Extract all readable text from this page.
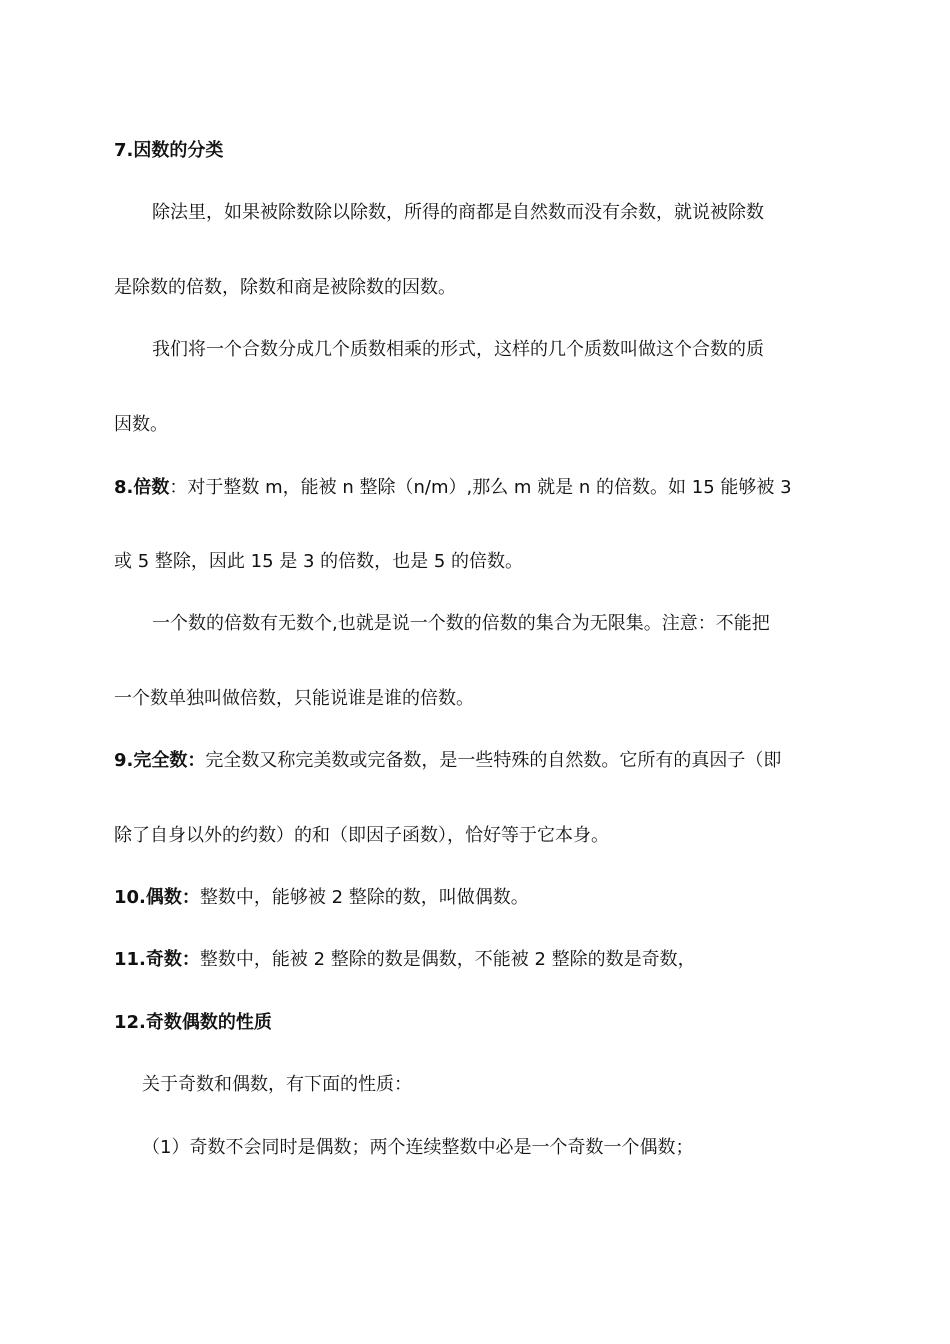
7.因数的分类
除法里，如果被除数除以除数，所得的商都是自然数而没有余数，就说被除数
是除数的倍数，除数和商是被除数的因数。
我们将一个合数分成几个质数相乘的形式，这样的几个质数叫做这个合数的质
因数。
8.倍数：对于整数 m，能被 n 整除（n/m）,那么 m 就是 n 的倍数。如 15 能够被 3
或 5 整除，因此 15 是 3 的倍数，也是 5 的倍数。
一个数的倍数有无数个,也就是说一个数的倍数的集合为无限集。注意：不能把
一个数单独叫做倍数，只能说谁是谁的倍数。
9.完全数：完全数又称完美数或完备数，是一些特殊的自然数。它所有的真因子（即
除了自身以外的约数）的和（即因子函数），恰好等于它本身。
10.偶数：整数中，能够被 2 整除的数，叫做偶数。
11.奇数：整数中，能被 2 整除的数是偶数，不能被 2 整除的数是奇数，
12.奇数偶数的性质
关于奇数和偶数，有下面的性质：
（1）奇数不会同时是偶数；两个连续整数中必是一个奇数一个偶数；
